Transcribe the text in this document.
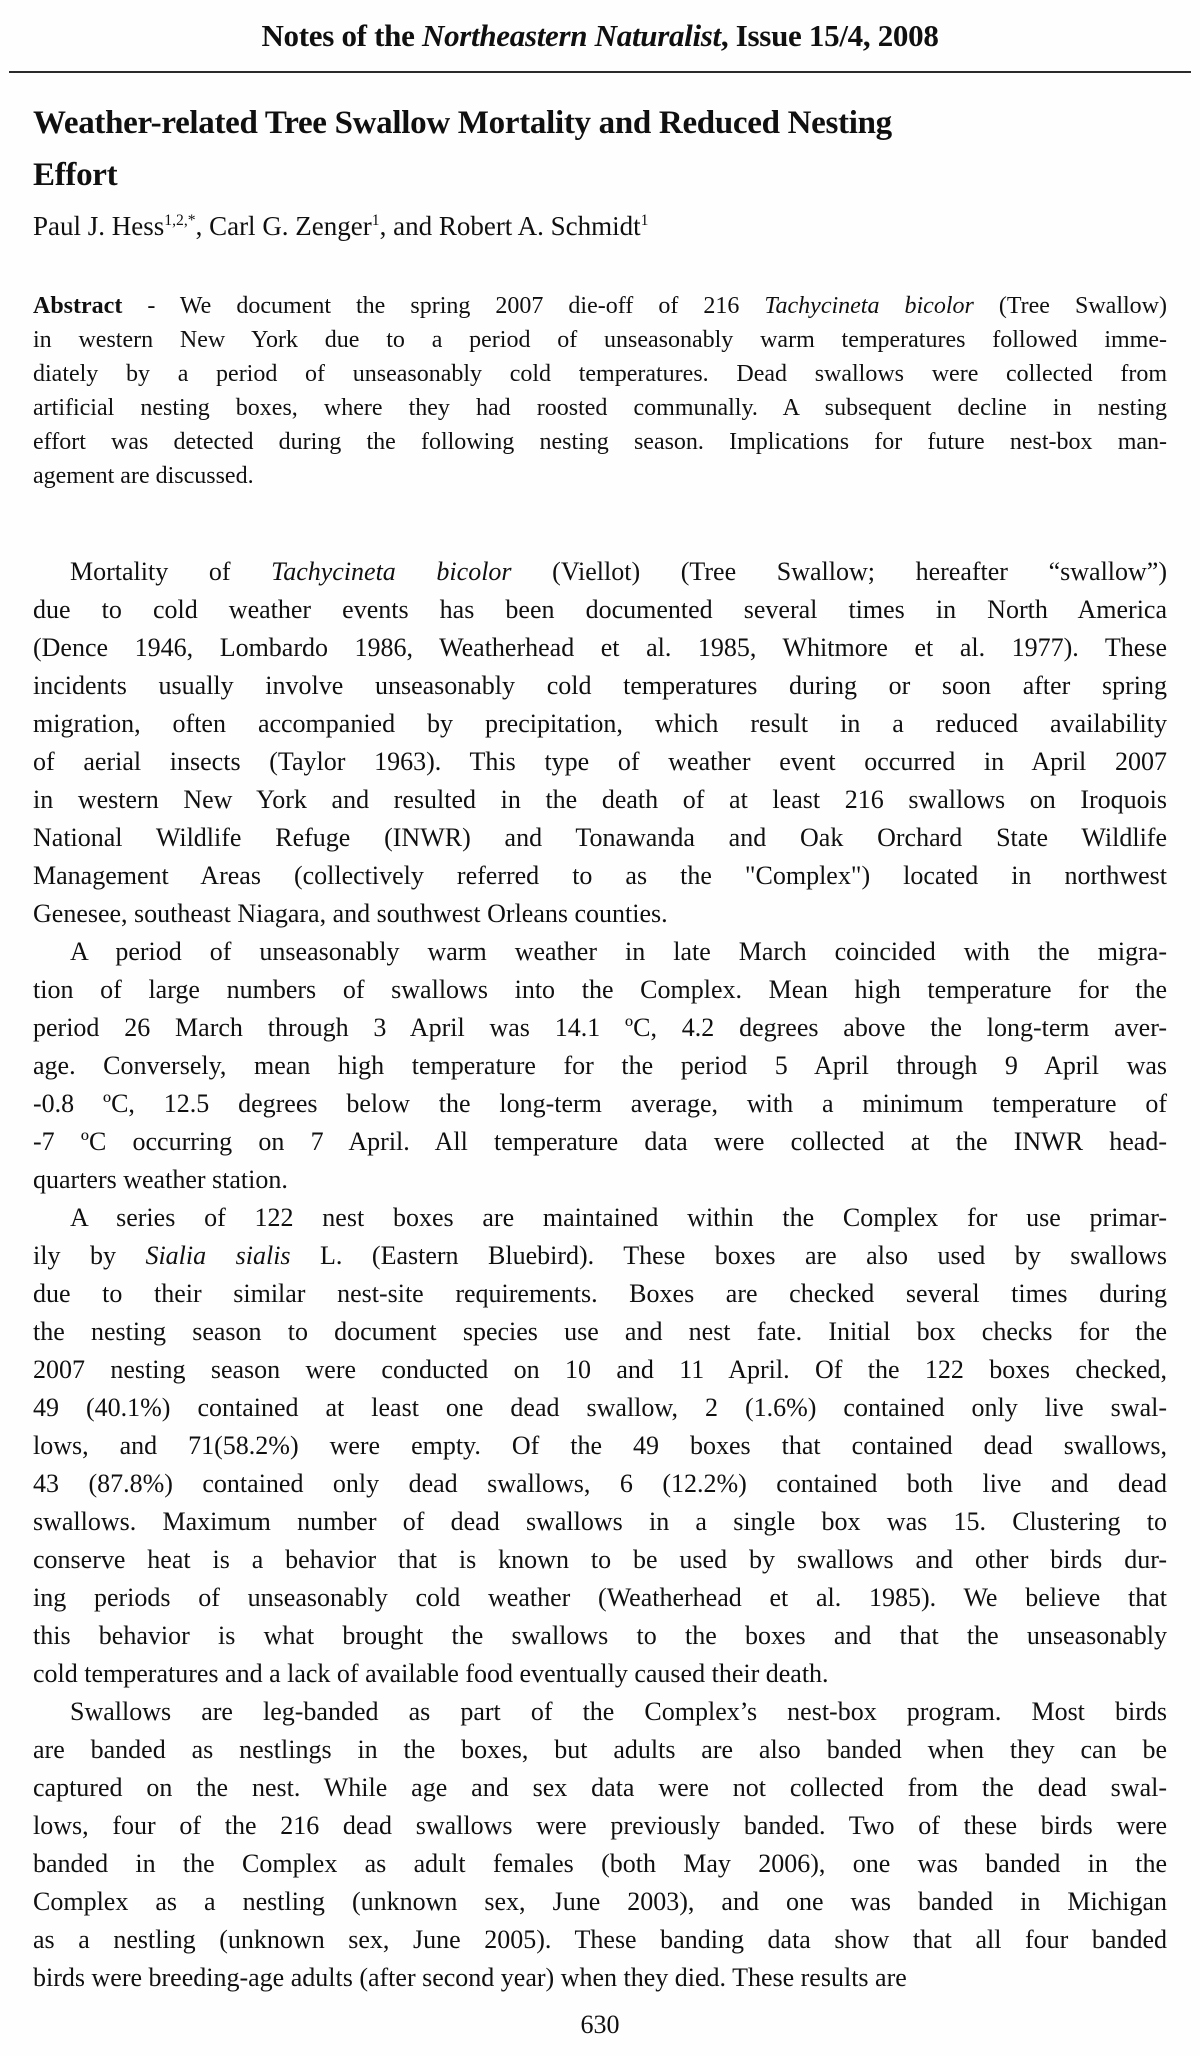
Notes of the Northeastern Naturalist, Issue 15/4, 2008
Weather-related Tree Swallow Mortality and Reduced Nesting
Effort
Paul J. Hess$^{1,2,*}$, Carl G. Zenger$^1$, and Robert A. Schmidt$^1$
Abstract - We document the spring 2007 die-off of 216 Tachycineta bicolor (Tree Swallow)
in western New York due to a period of unseasonably warm temperatures followed imme-
diately by a period of unseasonably cold temperatures. Dead swallows were collected from
artificial nesting boxes, where they had roosted communally. A subsequent decline in nesting
effort was detected during the following nesting season. Implications for future nest-box man-
agement are discussed.
Mortality of Tachycineta bicolor (Viellot) (Tree Swallow; hereafter “swallow”)
due to cold weather events has been documented several times in North America
(Dence 1946, Lombardo 1986, Weatherhead et al. 1985, Whitmore et al. 1977). These
incidents usually involve unseasonably cold temperatures during or soon after spring
migration, often accompanied by precipitation, which result in a reduced availability
of aerial insects (Taylor 1963). This type of weather event occurred in April 2007
in western New York and resulted in the death of at least 216 swallows on Iroquois
National Wildlife Refuge (INWR) and Tonawanda and Oak Orchard State Wildlife
Management Areas (collectively referred to as the "Complex") located in northwest
Genesee, southeast Niagara, and southwest Orleans counties.
A period of unseasonably warm weather in late March coincided with the migra-
tion of large numbers of swallows into the Complex. Mean high temperature for the
period 26 March through 3 April was 14.1 ºC, 4.2 degrees above the long-term aver-
age. Conversely, mean high temperature for the period 5 April through 9 April was
-0.8 ºC, 12.5 degrees below the long-term average, with a minimum temperature of
-7 ºC occurring on 7 April. All temperature data were collected at the INWR head-
quarters weather station.
A series of 122 nest boxes are maintained within the Complex for use primar-
ily by Sialia sialis L. (Eastern Bluebird). These boxes are also used by swallows
due to their similar nest-site requirements. Boxes are checked several times during
the nesting season to document species use and nest fate. Initial box checks for the
2007 nesting season were conducted on 10 and 11 April. Of the 122 boxes checked,
49 (40.1%) contained at least one dead swallow, 2 (1.6%) contained only live swal-
lows, and 71(58.2%) were empty. Of the 49 boxes that contained dead swallows,
43 (87.8%) contained only dead swallows, 6 (12.2%) contained both live and dead
swallows. Maximum number of dead swallows in a single box was 15. Clustering to
conserve heat is a behavior that is known to be used by swallows and other birds dur-
ing periods of unseasonably cold weather (Weatherhead et al. 1985). We believe that
this behavior is what brought the swallows to the boxes and that the unseasonably
cold temperatures and a lack of available food eventually caused their death.
Swallows are leg-banded as part of the Complex’s nest-box program. Most birds
are banded as nestlings in the boxes, but adults are also banded when they can be
captured on the nest. While age and sex data were not collected from the dead swal-
lows, four of the 216 dead swallows were previously banded. Two of these birds were
banded in the Complex as adult females (both May 2006), one was banded in the
Complex as a nestling (unknown sex, June 2003), and one was banded in Michigan
as a nestling (unknown sex, June 2005). These banding data show that all four banded
birds were breeding-age adults (after second year) when they died. These results are
630
